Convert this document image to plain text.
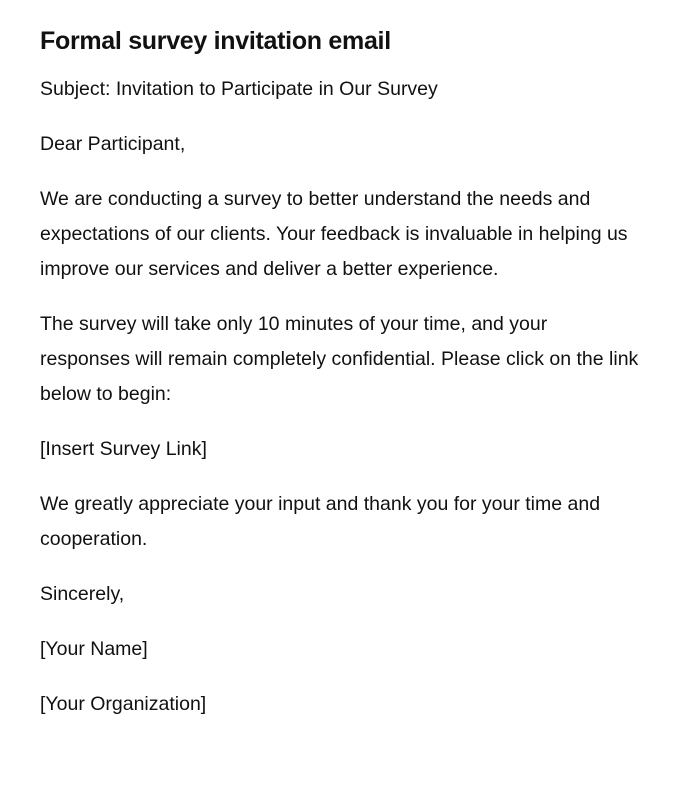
Formal survey invitation email

Subject: Invitation to Participate in Our Survey

Dear Participant,

We are conducting a survey to better understand the needs and expectations of our clients. Your feedback is invaluable in helping us improve our services and deliver a better experience.

The survey will take only 10 minutes of your time, and your responses will remain completely confidential. Please click on the link below to begin:

[Insert Survey Link]

We greatly appreciate your input and thank you for your time and cooperation.

Sincerely,

[Your Name]

[Your Organization]
